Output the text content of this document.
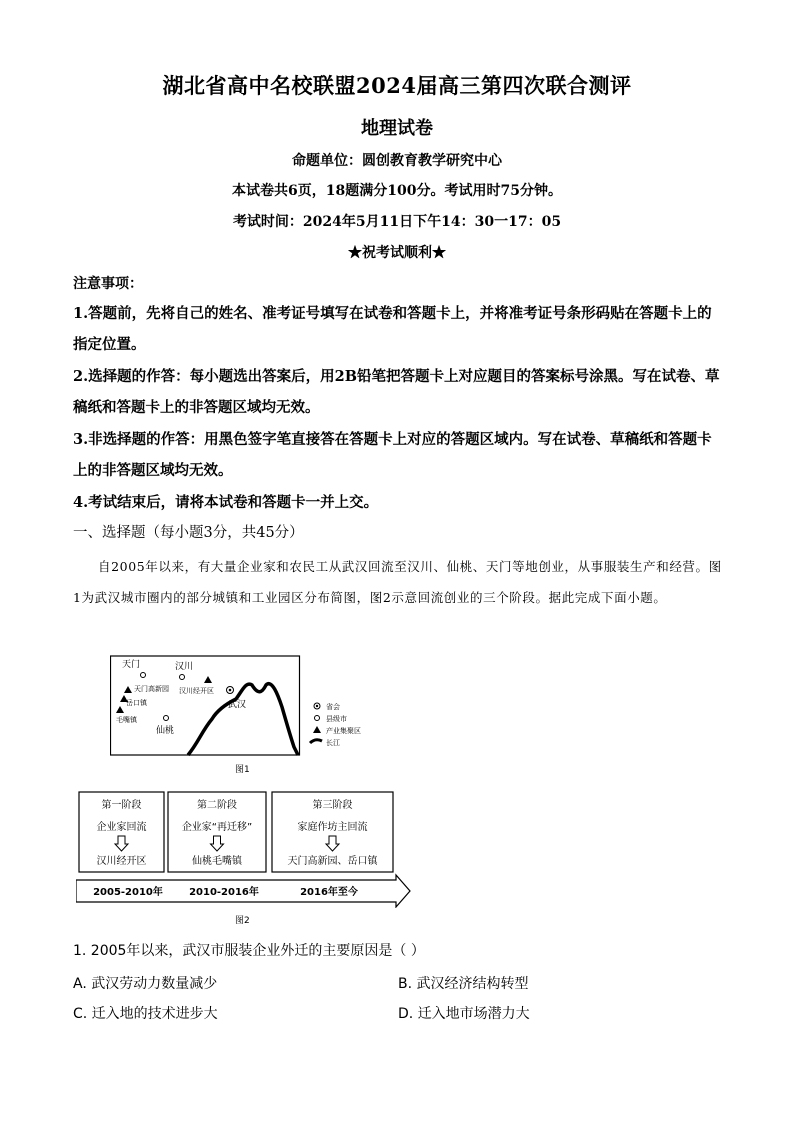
湖北省高中名校联盟2024届高三第四次联合测评
地理试卷
命题单位：圆创教育教学研究中心
本试卷共6页，18题满分100分。考试用时75分钟。
考试时间：2024年5月11日下午14：30一17：05
★祝考试顺利★
注意事项：
1.答题前，先将自己的姓名、准考证号填写在试卷和答题卡上，并将准考证号条形码贴在答题卡上的指定位置。
2.选择题的作答：每小题选出答案后，用2B铅笔把答题卡上对应题目的答案标号涂黑。写在试卷、草稿纸和答题卡上的非答题区域均无效。
3.非选择题的作答：用黑色签字笔直接答在答题卡上对应的答题区域内。写在试卷、草稿纸和答题卡上的非答题区域均无效。
4.考试结束后，请将本试卷和答题卡一并上交。
一、选择题（每小题3分，共45分）
自2005年以来，有大量企业家和农民工从武汉回流至汉川、仙桃、天门等地创业，从事服装生产和经营。图1为武汉城市圈内的部分城镇和工业园区分布简图，图2示意回流创业的三个阶段。据此完成下面小题。
天门	汉川
天门高新园 汉川经开区
岳口镇
毛嘴镇
仙桃
武汉	省会
县级市
产业集聚区
长江
图1
第一阶段
企业家回流
汉川经开区
第二阶段
企业家“再迁移”
仙桃毛嘴镇
第三阶段
家庭作坊主回流
天门高新园、岳口镇
2005-2010年	2010-2016年	2016年至今
图2
1. 2005年以来，武汉市服装企业外迁的主要原因是（ ）
A. 武汉劳动力数量减少	B. 武汉经济结构转型
C. 迁入地的技术进步大	D. 迁入地市场潜力大
